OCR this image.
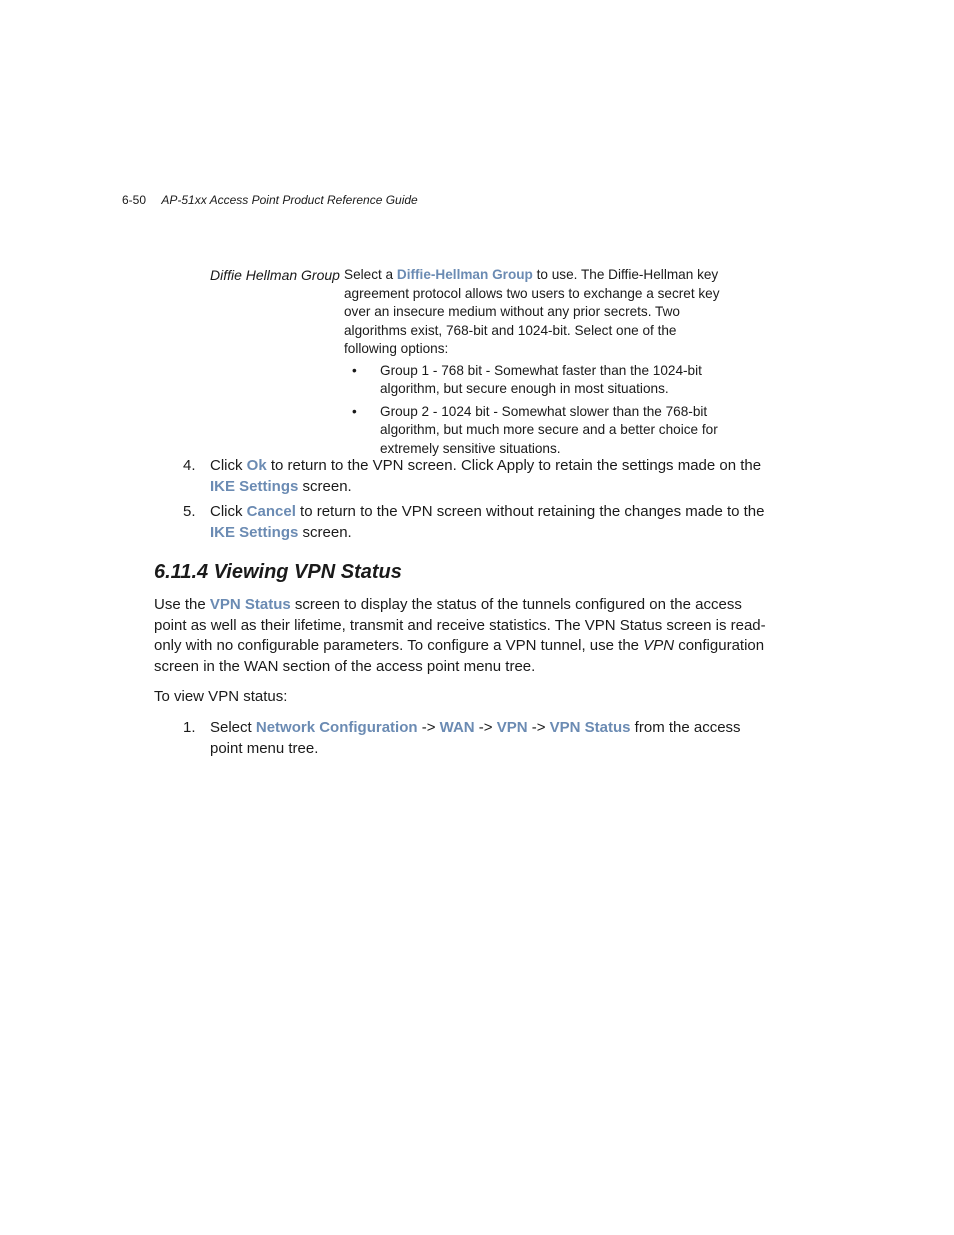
6-50 AP-51xx Access Point Product Reference Guide
Diffie Hellman Group Select a Diffie-Hellman Group to use. The Diffie-Hellman key agreement protocol allows two users to exchange a secret key over an insecure medium without any prior secrets. Two algorithms exist, 768-bit and 1024-bit. Select one of the following options:

• Group 1 - 768 bit - Somewhat faster than the 1024-bit algorithm, but secure enough in most situations.
• Group 2 - 1024 bit - Somewhat slower than the 768-bit algorithm, but much more secure and a better choice for extremely sensitive situations.
4. Click Ok to return to the VPN screen. Click Apply to retain the settings made on the IKE Settings screen.
5. Click Cancel to return to the VPN screen without retaining the changes made to the IKE Settings screen.
6.11.4 Viewing VPN Status

Use the VPN Status screen to display the status of the tunnels configured on the access point as well as their lifetime, transmit and receive statistics. The VPN Status screen is read-only with no configurable parameters. To configure a VPN tunnel, use the VPN configuration screen in the WAN section of the access point menu tree.

To view VPN status:
1. Select Network Configuration -> WAN -> VPN -> VPN Status from the access point menu tree.
